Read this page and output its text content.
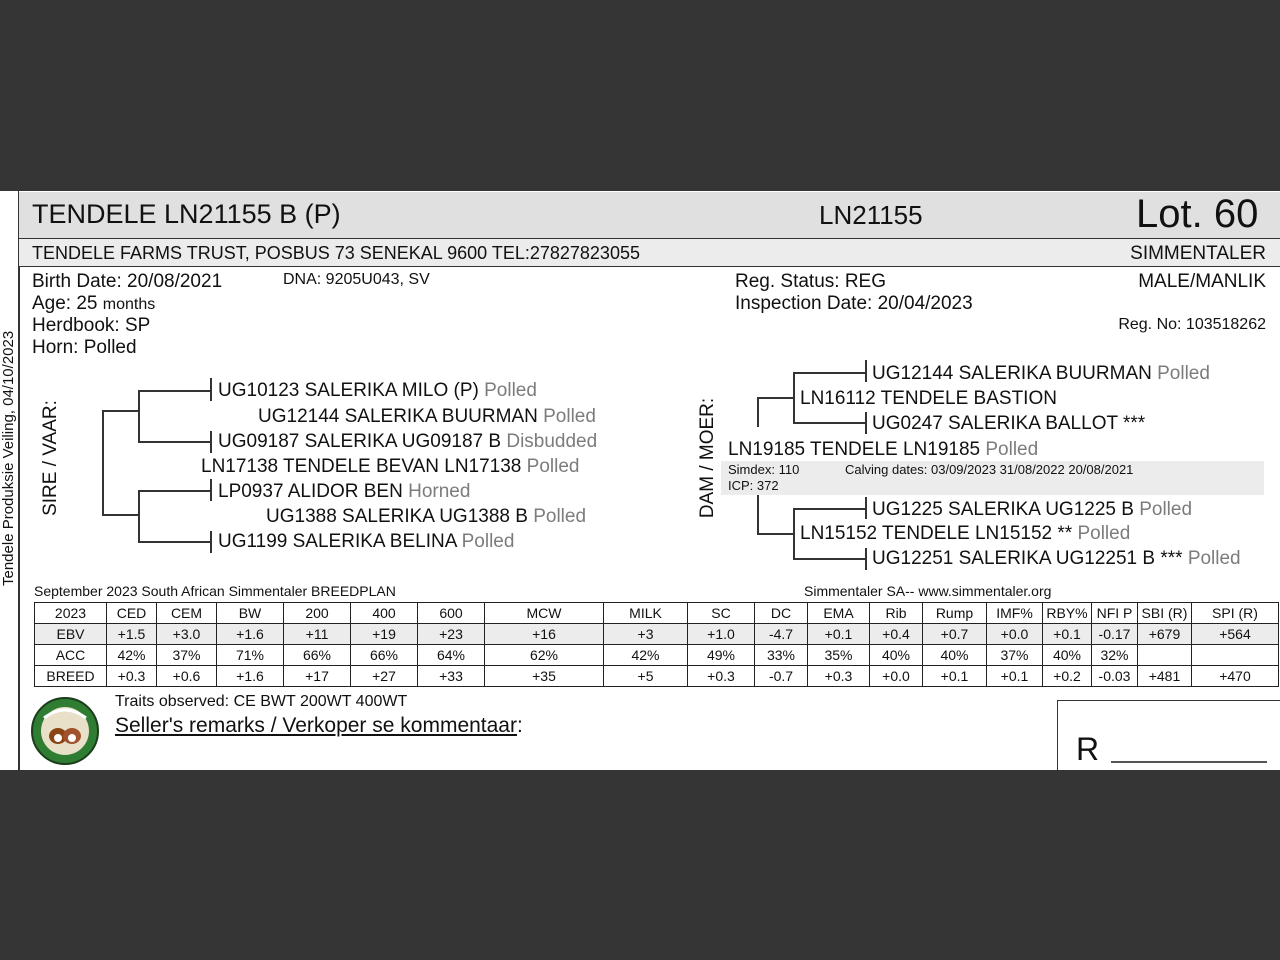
Tendele Produksie Veiling, 04/10/2023
TENDELE LN21155 B (P)	LN21155	Lot. 60
TENDELE FARMS TRUST, POSBUS 73 SENEKAL 9600 TEL:27827823055	SIMMENTALER
Birth Date: 20/08/2021	DNA: 9205U043, SV
Age: 25 months
Herdbook: SP
Horn: Polled
Reg. Status: REG
Inspection Date: 20/04/2023
MALE/MANLIK
Reg. No: 103518262
SIRE / VAAR:
UG10123 SALERIKA MILO (P) Polled
UG12144 SALERIKA BUURMAN Polled
UG09187 SALERIKA UG09187 B Disbudded
LN17138 TENDELE BEVAN LN17138 Polled
LP0937 ALIDOR BEN Horned
UG1388 SALERIKA UG1388 B Polled
UG1199 SALERIKA BELINA Polled
DAM / MOER:
UG12144 SALERIKA BUURMAN Polled
LN16112 TENDELE BASTION
UG0247 SALERIKA BALLOT ***
LN19185 TENDELE LN19185 Polled
Simdex: 110	Calving dates: 03/09/2023 31/08/2022 20/08/2021
ICP: 372
UG1225 SALERIKA UG1225 B Polled
LN15152 TENDELE LN15152 ** Polled
UG12251 SALERIKA UG12251 B *** Polled
September 2023 South African Simmentaler BREEDPLAN	Simmentaler SA-- www.simmentaler.org
2023	CED	CEM	BW	200	400	600	MCW	MILK	SC	DC	EMA	Rib	Rump	IMF%	RBY%	NFI P	SBI (R)	SPI (R)
EBV	+1.5	+3.0	+1.6	+11	+19	+23	+16	+3	+1.0	-4.7	+0.1	+0.4	+0.7	+0.0	+0.1	-0.17	+679	+564
ACC	42%	37%	71%	66%	66%	64%	62%	42%	49%	33%	35%	40%	40%	37%	40%	32%		
BREED	+0.3	+0.6	+1.6	+17	+27	+33	+35	+5	+0.3	-0.7	+0.3	+0.0	+0.1	+0.1	+0.2	-0.03	+481	+470
Traits observed: CE BWT 200WT 400WT
Seller's remarks / Verkoper se kommentaar:
R
